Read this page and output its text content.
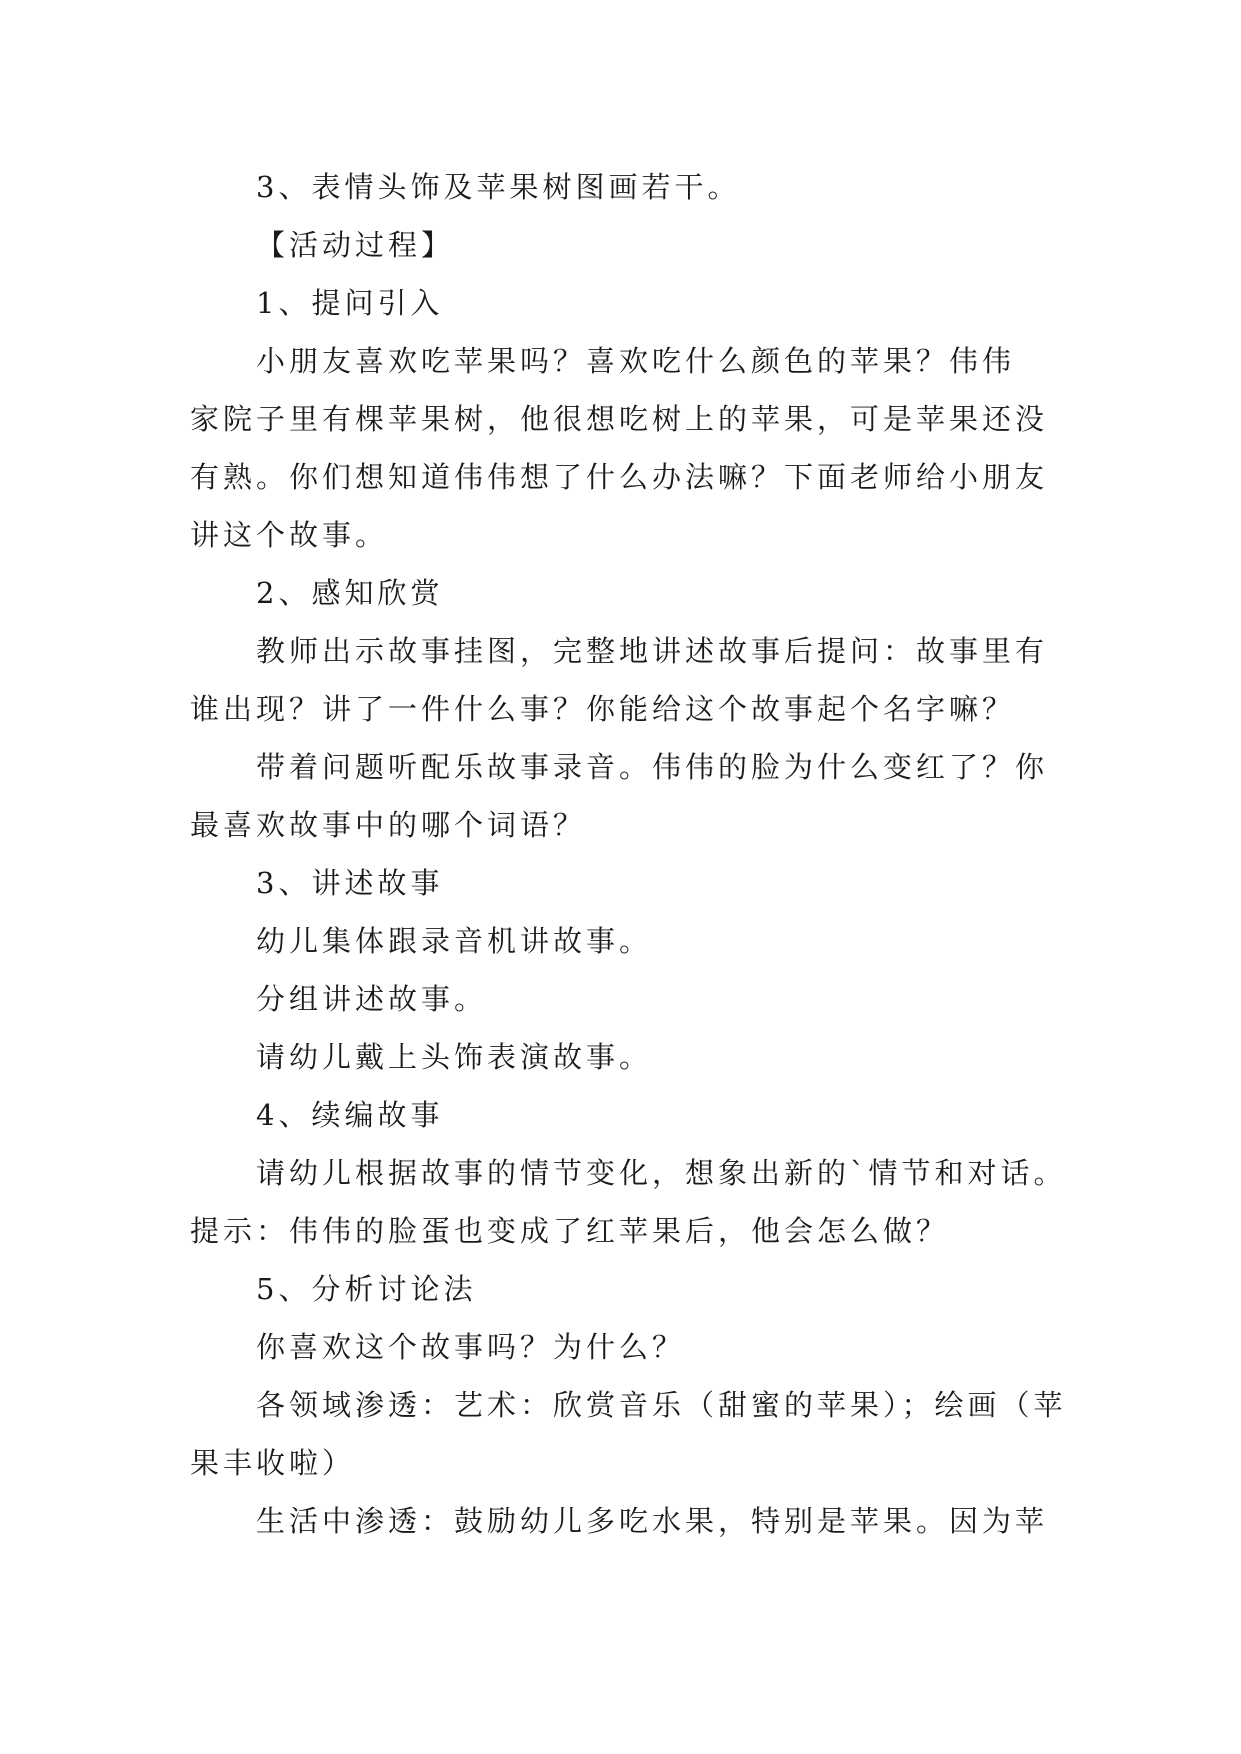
3、表情头饰及苹果树图画若干。
【活动过程】
1、提问引入
小朋友喜欢吃苹果吗？喜欢吃什么颜色的苹果？伟伟
家院子里有棵苹果树，他很想吃树上的苹果，可是苹果还没
有熟。你们想知道伟伟想了什么办法嘛？下面老师给小朋友
讲这个故事。
2、感知欣赏
教师出示故事挂图，完整地讲述故事后提问：故事里有
谁出现？讲了一件什么事？你能给这个故事起个名字嘛？
带着问题听配乐故事录音。伟伟的脸为什么变红了？你
最喜欢故事中的哪个词语？
3、讲述故事
幼儿集体跟录音机讲故事。
分组讲述故事。
请幼儿戴上头饰表演故事。
4、续编故事
请幼儿根据故事的情节变化，想象出新的`情节和对话。
提示：伟伟的脸蛋也变成了红苹果后，他会怎么做？
5、分析讨论法
你喜欢这个故事吗？为什么？
各领域渗透：艺术：欣赏音乐（甜蜜的苹果）；绘画（苹
果丰收啦）
生活中渗透：鼓励幼儿多吃水果，特别是苹果。因为苹
